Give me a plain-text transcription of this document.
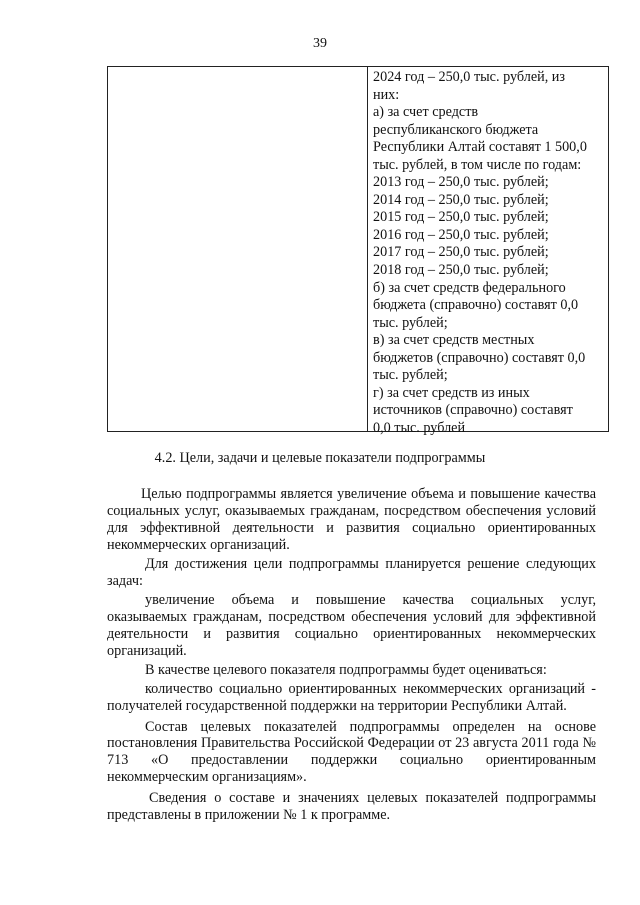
39
2024 год – 250,0 тыс. рублей, из
них:
а) за счет средств
республиканского бюджета
Республики Алтай составят 1 500,0
тыс. рублей, в том числе по годам:
2013 год – 250,0 тыс. рублей;
2014 год – 250,0 тыс. рублей;
2015 год – 250,0 тыс. рублей;
2016 год – 250,0 тыс. рублей;
2017 год – 250,0 тыс. рублей;
2018 год – 250,0 тыс. рублей;
б) за счет средств федерального
бюджета (справочно) составят 0,0
тыс. рублей;
в) за счет средств местных
бюджетов (справочно) составят 0,0
тыс. рублей;
г) за счет средств из иных
источников (справочно) составят
0,0 тыс. рублей
4.2. Цели, задачи и целевые показатели подпрограммы

Целью подпрограммы является увеличение объема и повышение качества социальных услуг, оказываемых гражданам, посредством обеспечения условий для эффективной деятельности и развития социально ориентированных некоммерческих организаций.

Для достижения цели подпрограммы планируется решение следующих задач:

увеличение объема и повышение качества социальных услуг, оказываемых гражданам, посредством обеспечения условий для эффективной деятельности и развития социально ориентированных некоммерческих организаций.

В качестве целевого показателя подпрограммы будет оцениваться:

количество социально ориентированных некоммерческих организаций - получателей государственной поддержки на территории Республики Алтай.

Состав целевых показателей подпрограммы определен на основе постановления Правительства Российской Федерации от 23 августа 2011 года № 713 «О предоставлении поддержки социально ориентированным некоммерческим организациям».

Сведения о составе и значениях целевых показателей подпрограммы представлены в приложении № 1 к программе.
